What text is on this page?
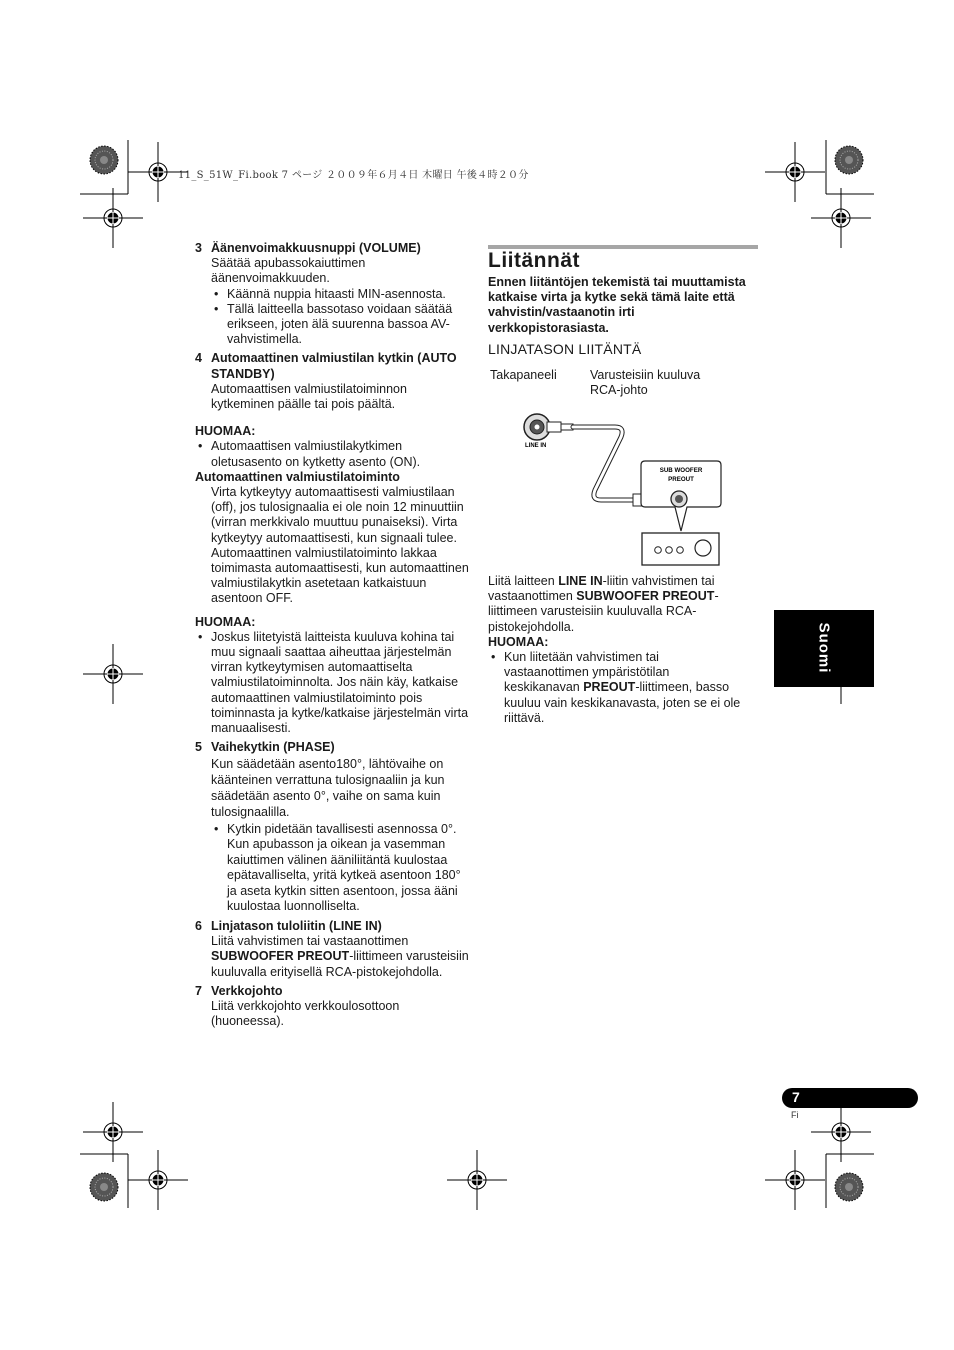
11_S_51W_Fi.book 7 ページ ２００９年６月４日 木曜日 午後４時２０分
3 Äänenvoimakkuusnuppi (VOLUME)

Säätää apubassokaiuttimen äänenvoimakkuuden.

• Käännä nuppia hitaasti MIN-asennosta.

• Tällä laitteella bassotaso voidaan säätää erikseen, joten älä suurenna bassoa AV-vahvistimella.

4 Automaattinen valmiustilan kytkin (AUTO STANDBY)

Automaattisen valmiustilatoiminnon kytkeminen päälle tai pois päältä.

HUOMAA:

• Automaattisen valmiustilakytkimen oletusasento on kytketty asento (ON).

Automaattinen valmiustilatoiminto

Virta kytkeytyy automaattisesti valmiustilaan (off), jos tulosignaalia ei ole noin 12 minuuttiin (virran merkkivalo muuttuu punaiseksi). Virta kytkeytyy automaattisesti, kun signaali tulee. Automaattinen valmiustilatoiminto lakkaa toimimasta automaattisesti, kun automaattinen valmiustilakytkin asetetaan katkaistuun asentoon OFF.

HUOMAA:

• Joskus liitetyistä laitteista kuuluva kohina tai muu signaali saattaa aiheuttaa järjestelmän virran kytkeytymisen automaattiselta valmiustilatoiminnolta. Jos näin käy, katkaise automaattinen valmiustilatoiminto pois toiminnasta ja kytke/katkaise järjestelmän virta manuaalisesti.

5 Vaihekytkin (PHASE)

Kun säädetään asento180°, lähtövaihe on käänteinen verrattuna tulosignaaliin ja kun säädetään asento 0°, vaihe on sama kuin tulosignaalilla.

• Kytkin pidetään tavallisesti asennossa 0°.

Kun apubasson ja oikean ja vasemman kaiuttimen välinen ääniliitäntä kuulostaa epätavalliselta, yritä kytkeä asentoon 180° ja aseta kytkin sitten asentoon, jossa ääni kuulostaa luonnolliselta.

6 Linjatason tuloliitin (LINE IN)

Liitä vahvistimen tai vastaanottimen SUBWOOFER PREOUT-liittimeen varusteisiin kuuluvalla erityisellä RCA-pistokejohdolla.

7 Verkkojohto

Liitä verkkojohto verkkoulosottoon (huoneessa).

Liitännät
Ennen liitäntöjen tekemistä tai muuttamista katkaise virta ja kytke sekä tämä laite että vahvistin/vastaanotin irti verkkopistorasiasta.
LINJATASON LIITÄNTÄ
Takapaneeli	Varusteisiin kuuluva RCA-johto
LINE IN
SUB WOOFER
PREOUT

Liitä laitteen LINE IN-liitin vahvistimen tai vastaanottimen SUBWOOFER PREOUT-liittimeen varusteisiin kuuluvalla RCA-pistokejohdolla.

HUOMAA:

• Kun liitetään vahvistimen tai vastaanottimen ympäristötilan keskikanavan PREOUT-liittimeen, basso kuuluu vain keskikanavasta, joten se ei ole riittävä.

Suomi
7
Fi
